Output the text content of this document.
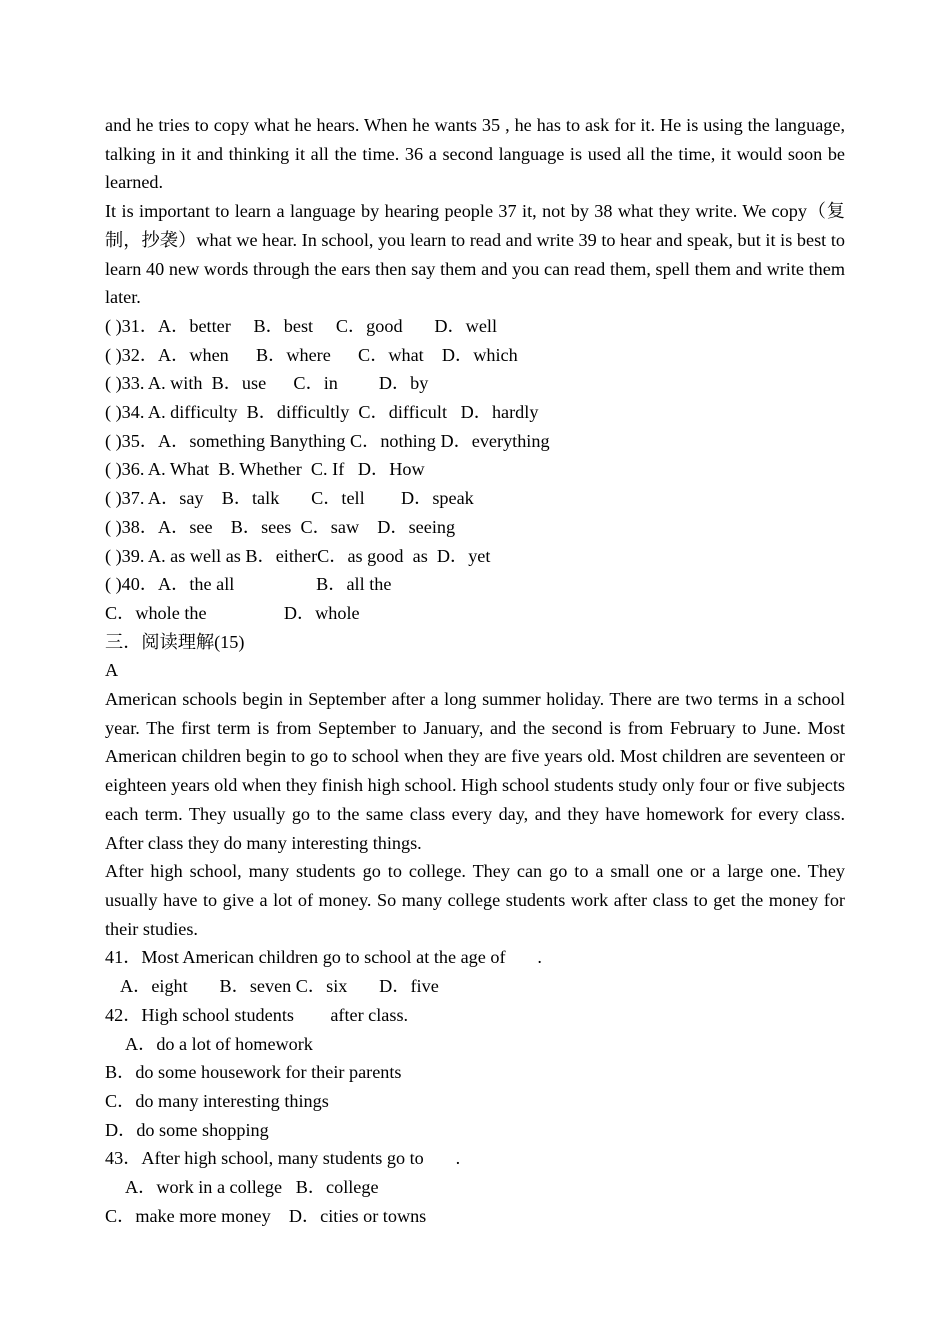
and he tries to copy what he hears. When he wants 35 , he has to ask for it. He is using the language, talking in it and thinking it all the time. 36 a second language is used all the time, it would soon be learned.

It is important to learn a language by hearing people 37 it, not by 38 what they write. We copy（复制，抄袭）what we hear. In school, you learn to read and write 39 to hear and speak, but it is best to learn 40 new words through the ears then say them and you can read them, spell them and write them later.

( )31．A．better     B．best     C．good       D．well

( )32．A．when      B．where      C．what    D．which

( )33. A. with  B．use      C．in         D．by

( )34. A. difficulty  B．difficultly  C．difficult   D．hardly

( )35．A．something Banything C．nothing D．everything

( )36. A. What  B. Whether  C. If   D．How

( )37. A．say    B．talk       C．tell        D．speak

( )38．A．see    B．sees  C．saw    D．seeing

( )39. A. as well as B．eitherC．as good  as  D．yet

( )40．A．the all                  B．all the

C．whole the                 D．whole

三．阅读理解(15)

A

American schools begin in September after a long summer holiday. There are two terms in a school year. The first term is from September to January, and the second is from February to June. Most American children begin to go to school when they are five years old. Most children are seventeen or eighteen years old when they finish high school. High school students study only four or five subjects each term. They usually go to the same class every day, and they have homework for every class. After class they do many interesting things.

After high school, many students go to college. They can go to a small one or a large one. They usually have to give a lot of money. So many college students work after class to get the money for their studies.

41．Most American children go to school at the age of       .

A．eight       B．seven C．six       D．five

42．High school students        after class.

A．do a lot of homework

B．do some housework for their parents

C．do many interesting things

D．do some shopping

43．After high school, many students go to       .

A．work in a college   B．college

C．make more money    D．cities or towns
